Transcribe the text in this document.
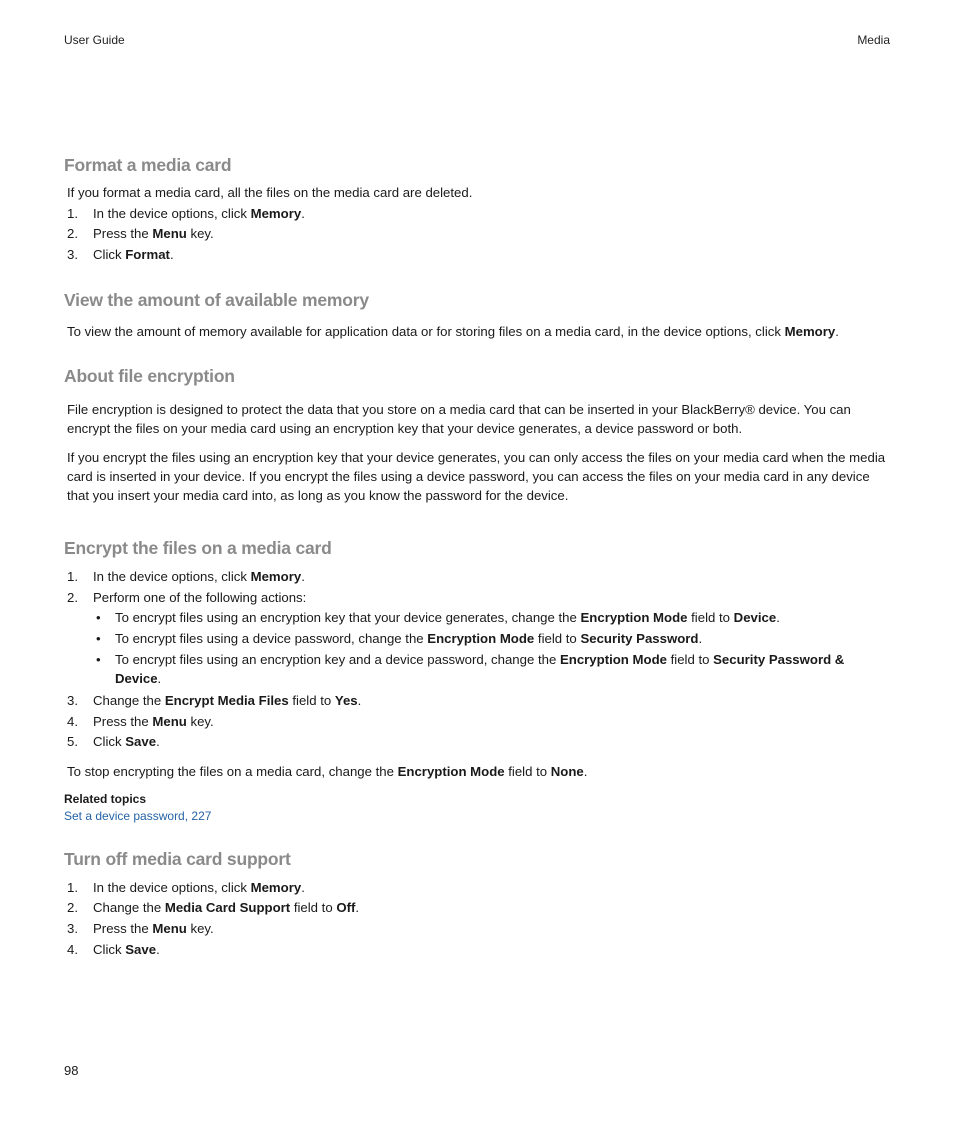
User Guide	Media
Format a media card

If you format a media card, all the files on the media card are deleted.

1. In the device options, click Memory.
2. Press the Menu key.
3. Click Format.
View the amount of available memory

To view the amount of memory available for application data or for storing files on a media card, in the device options, click Memory.

About file encryption

File encryption is designed to protect the data that you store on a media card that can be inserted in your BlackBerry® device. You can encrypt the files on your media card using an encryption key that your device generates, a device password or both.

If you encrypt the files using an encryption key that your device generates, you can only access the files on your media card when the media card is inserted in your device. If you encrypt the files using a device password, you can access the files on your media card in any device that you insert your media card into, as long as you know the password for the device.

Encrypt the files on a media card
1. In the device options, click Memory.
2. Perform one of the following actions:
• To encrypt files using an encryption key that your device generates, change the Encryption Mode field to Device.
• To encrypt files using a device password, change the Encryption Mode field to Security Password.
• To encrypt files using an encryption key and a device password, change the Encryption Mode field to Security Password & Device.
3. Change the Encrypt Media Files field to Yes.
4. Press the Menu key.
5. Click Save.

To stop encrypting the files on a media card, change the Encryption Mode field to None.

Related topics
Set a device password, 227
Turn off media card support
1. In the device options, click Memory.
2. Change the Media Card Support field to Off.
3. Press the Menu key.
4. Click Save.
98
